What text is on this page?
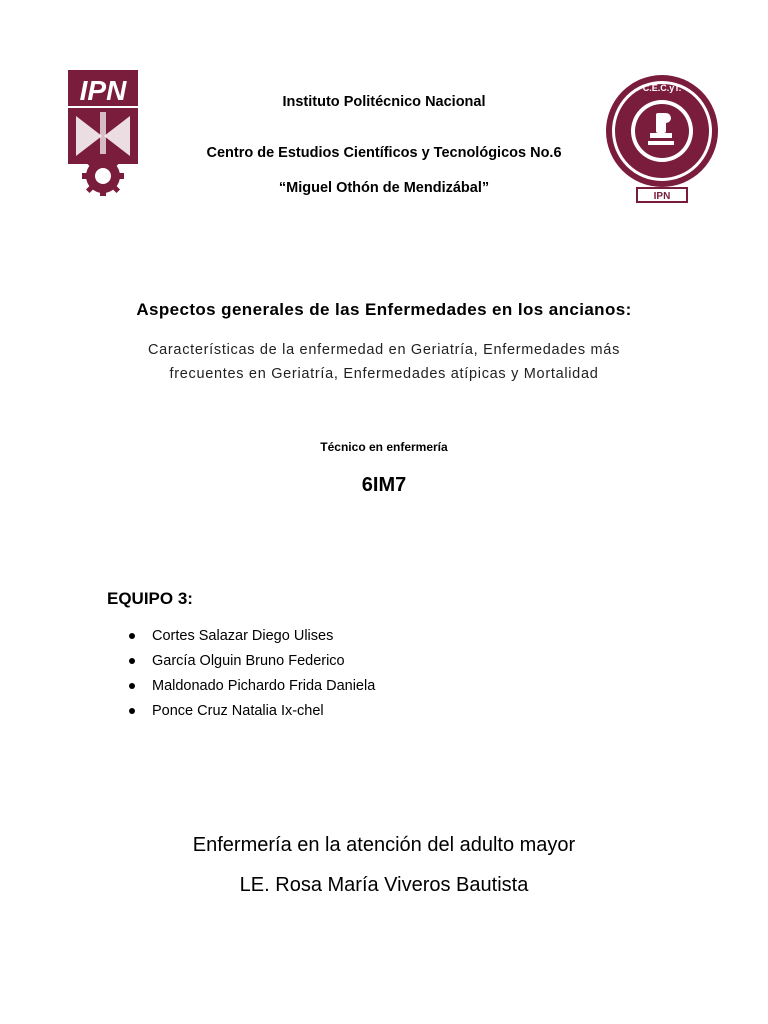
IPN	C.E.C.yT.
IPN
Instituto Politécnico Nacional
Centro de Estudios Científicos y Tecnológicos No.6
“Miguel Othón de Mendizábal”
Aspectos generales de las Enfermedades en los ancianos:
Características de la enfermedad en Geriatría, Enfermedades más frecuentes en Geriatría, Enfermedades atípicas y Mortalidad
Técnico en enfermería
6IM7
EQUIPO 3:
Cortes Salazar Diego Ulises
García Olguin Bruno Federico
Maldonado Pichardo Frida Daniela
Ponce Cruz Natalia Ix-chel
Enfermería en la atención del adulto mayor
LE. Rosa María Viveros Bautista
